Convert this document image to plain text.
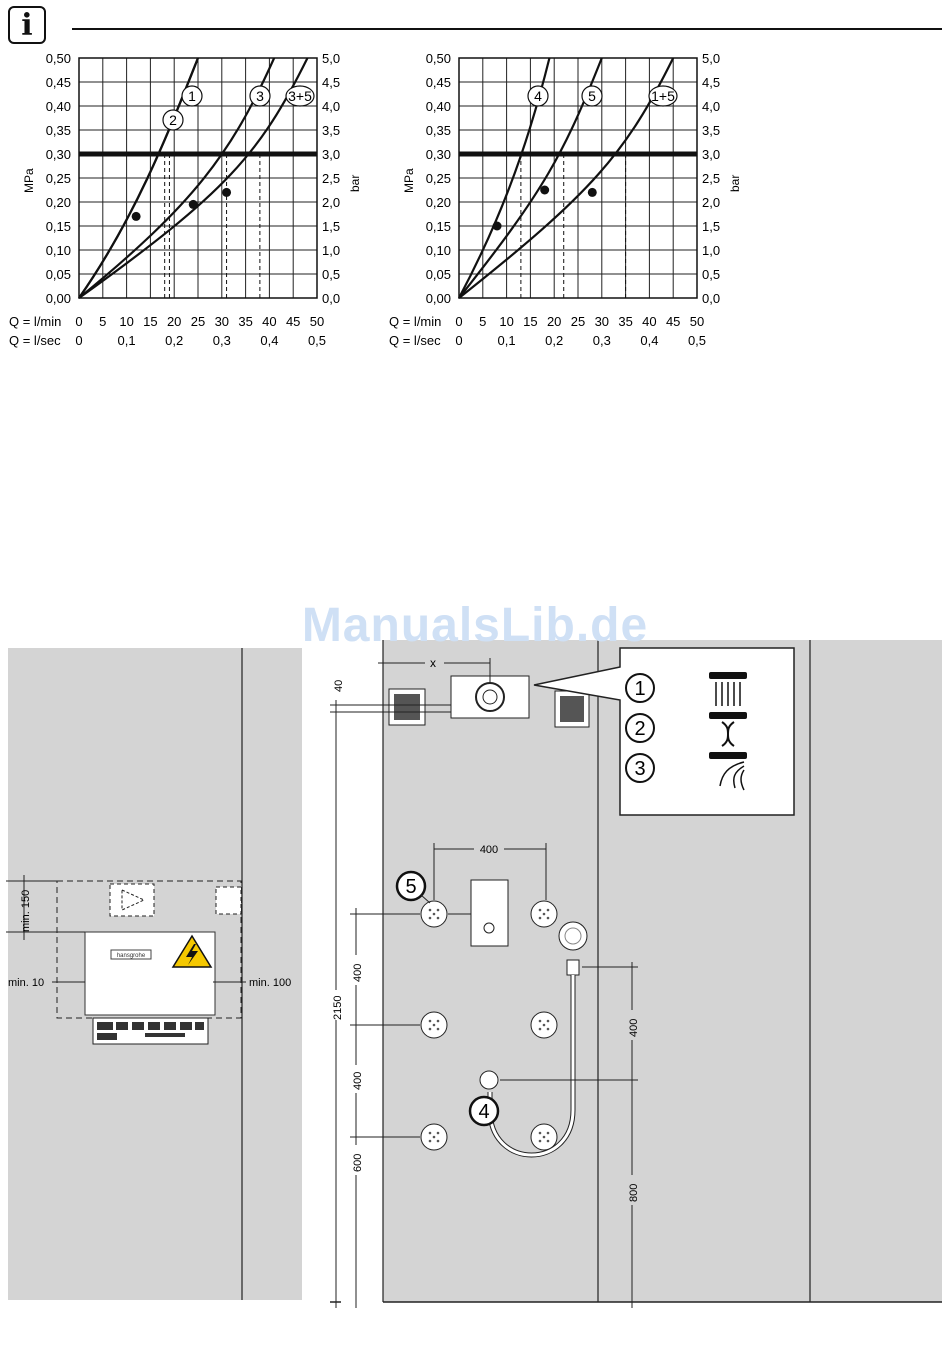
i
1
2
3 3+5
0,50
0,45
0,40
0,35
0,30
0,25
0,20
0,15
0,10
0,05
0,00
5,0
4,5
4,0
3,5
3,0
2,5
2,0
1,5
1,0
0,5
0,0
MPa	bar
Q = l/min 0 5 10 15 20 25 30 35 40 45 50
Q = l/sec 0	0,1 0,2 0,3 0,4 0,5
4	5	1+5
0,50
0,45
0,40
0,35
0,30
0,25
0,20
0,15
0,10
0,05
0,00
5,0
4,5
4,0
3,5
3,0
2,5
2,0
1,5
1,0
0,5
0,0
MPa	bar
Q = l/min 0 5 10 15 20 25 30 35 40 45 50
Q = l/sec 0	0,1 0,2 0,3 0,4 0,5
hansgrohe
min. 150
min. 10	min. 100
40
x
1
2
3
5
4
400
400
400
600
2150
400
800
ManualsLib.de
